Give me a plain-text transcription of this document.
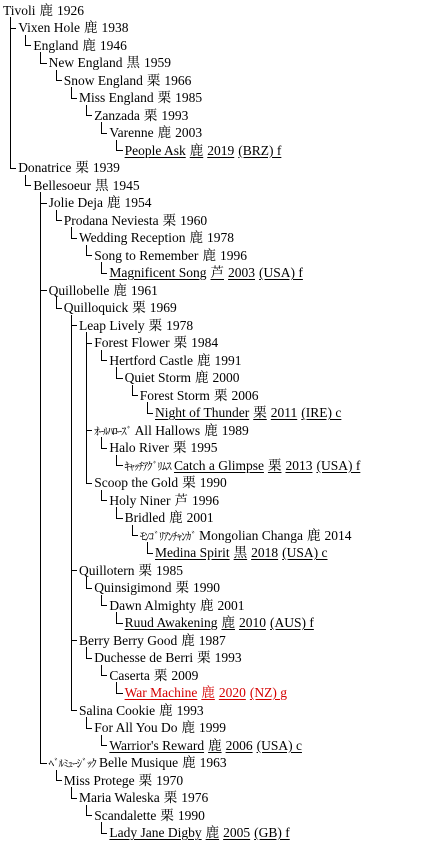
Tivoli 鹿 1926
Vixen Hole 鹿 1938
England 鹿 1946
New England 黒 1959
Snow England 栗 1966
Miss England 栗 1985
Zanzada 栗 1993
Varenne 鹿 2003
People Ask 鹿 2019 (BRZ) f
Donatrice 栗 1939
Bellesoeur 黒 1945
Jolie Deja 鹿 1954
Prodana Neviesta 栗 1960
Wedding Reception 鹿 1978
Song to Remember 鹿 1996
Magnificent Song 芦 2003 (USA) f
Quillobelle 鹿 1961
Quilloquick 栗 1969
Leap Lively 栗 1978
Forest Flower 栗 1984
Hertford Castle 鹿 1991
Quiet Storm 鹿 2000
Forest Storm 栗 2006
Night of Thunder 栗 2011 (IRE) c
ｵｰﾙﾊﾛｰｽﾞ All Hallows 鹿 1989
Halo River 栗 1995
ｷｬｯﾁｱｸﾞﾘﾑｽ Catch a Glimpse 栗 2013 (USA) f
Scoop the Gold 栗 1990
Holy Niner 芦 1996
Bridled 鹿 2001
ﾓﾝｺﾞﾘｱﾝﾁｬﾝｶﾞ Mongolian Changa 鹿 2014
Medina Spirit 黒 2018 (USA) c
Quillotern 栗 1985
Quinsigimond 栗 1990
Dawn Almighty 鹿 2001
Ruud Awakening 鹿 2010 (AUS) f
Berry Berry Good 鹿 1987
Duchesse de Berri 栗 1993
Caserta 栗 2009
War Machine 鹿 2020 (NZ) g
Salina Cookie 鹿 1993
For All You Do 鹿 1999
Warrior's Reward 鹿 2006 (USA) c
ﾍﾞﾙﾐｭｰｼﾞｯｸ Belle Musique 鹿 1963
Miss Protege 栗 1970
Maria Waleska 栗 1976
Scandalette 栗 1990
Lady Jane Digby 鹿 2005 (GB) f
